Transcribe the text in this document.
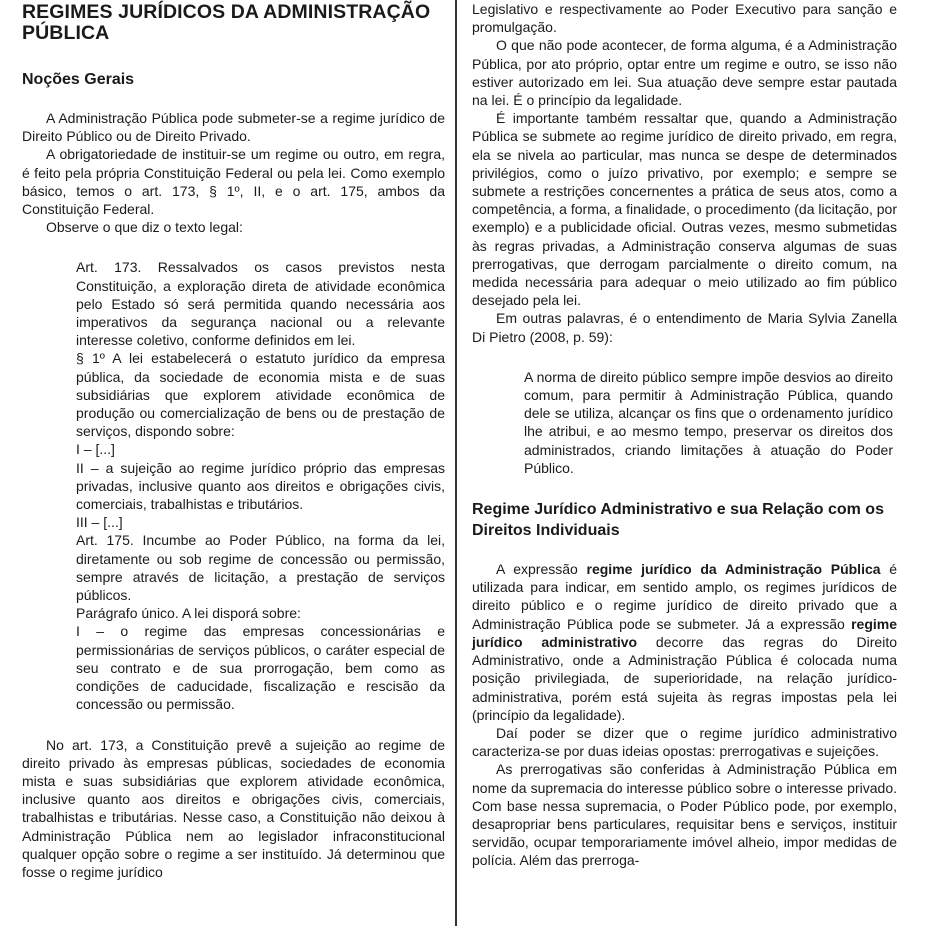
REGIMES JURÍDICOS DA ADMINISTRAÇÃO PÚBLICA
Noções Gerais

A Administração Pública pode submeter-se a regime jurídico de Direito Público ou de Direito Privado.

A obrigatoriedade de instituir-se um regime ou outro, em regra, é feito pela própria Constituição Federal ou pela lei. Como exemplo básico, temos o art. 173, § 1º, II, e o art. 175, ambos da Constituição Federal.

Observe o que diz o texto legal:

Art. 173. Ressalvados os casos previstos nesta Constituição, a exploração direta de atividade econômica pelo Estado só será permitida quando necessária aos imperativos da segurança nacional ou a relevante interesse coletivo, conforme definidos em lei.

§ 1º A lei estabelecerá o estatuto jurídico da empresa pública, da sociedade de economia mista e de suas subsidiárias que explorem atividade econômica de produção ou comercialização de bens ou de prestação de serviços, dispondo sobre:

I – [...]

II – a sujeição ao regime jurídico próprio das empresas privadas, inclusive quanto aos direitos e obrigações civis, comerciais, trabalhistas e tributários.

III – [...]

Art. 175. Incumbe ao Poder Público, na forma da lei, diretamente ou sob regime de concessão ou permissão, sempre através de licitação, a prestação de serviços públicos.

Parágrafo único. A lei disporá sobre:

I – o regime das empresas concessionárias e permissionárias de serviços públicos, o caráter especial de seu contrato e de sua prorrogação, bem como as condições de caducidade, fiscalização e rescisão da concessão ou permissão.

No art. 173, a Constituição prevê a sujeição ao regime de direito privado às empresas públicas, sociedades de economia mista e suas subsidiárias que explorem atividade econômica, inclusive quanto aos direitos e obrigações civis, comerciais, trabalhistas e tributárias. Nesse caso, a Constituição não deixou à Administração Pública nem ao legislador infraconstitucional qualquer opção sobre o regime a ser instituído. Já determinou que fosse o regime jurídico

Legislativo e respectivamente ao Poder Executivo para sanção e promulgação.

O que não pode acontecer, de forma alguma, é a Administração Pública, por ato próprio, optar entre um regime e outro, se isso não estiver autorizado em lei. Sua atuação deve sempre estar pautada na lei. É o princípio da legalidade.

É importante também ressaltar que, quando a Administração Pública se submete ao regime jurídico de direito privado, em regra, ela se nivela ao particular, mas nunca se despe de determinados privilégios, como o juízo privativo, por exemplo; e sempre se submete a restrições concernentes a prática de seus atos, como a competência, a forma, a finalidade, o procedimento (da licitação, por exemplo) e a publicidade oficial. Outras vezes, mesmo submetidas às regras privadas, a Administração conserva algumas de suas prerrogativas, que derrogam parcialmente o direito comum, na medida necessária para adequar o meio utilizado ao fim público desejado pela lei.

Em outras palavras, é o entendimento de Maria Sylvia Zanella Di Pietro (2008, p. 59):

A norma de direito público sempre impõe desvios ao direito comum, para permitir à Administração Pública, quando dele se utiliza, alcançar os fins que o ordenamento jurídico lhe atribui, e ao mesmo tempo, preservar os direitos dos administrados, criando limitações à atuação do Poder Público.

Regime Jurídico Administrativo e sua Relação com os Direitos Individuais

A expressão regime jurídico da Administração Pública é utilizada para indicar, em sentido amplo, os regimes jurídicos de direito público e o regime jurídico de direito privado que a Administração Pública pode se submeter. Já a expressão regime jurídico administrativo decorre das regras do Direito Administrativo, onde a Administração Pública é colocada numa posição privilegiada, de superioridade, na relação jurídico-administrativa, porém está sujeita às regras impostas pela lei (princípio da legalidade).

Daí poder se dizer que o regime jurídico administrativo caracteriza-se por duas ideias opostas: prerrogativas e sujeições.

As prerrogativas são conferidas à Administração Pública em nome da supremacia do interesse público sobre o interesse privado. Com base nessa supremacia, o Poder Público pode, por exemplo, desapropriar bens particulares, requisitar bens e serviços, instituir servidão, ocupar temporariamente imóvel alheio, impor medidas de polícia. Além das prerroga-
